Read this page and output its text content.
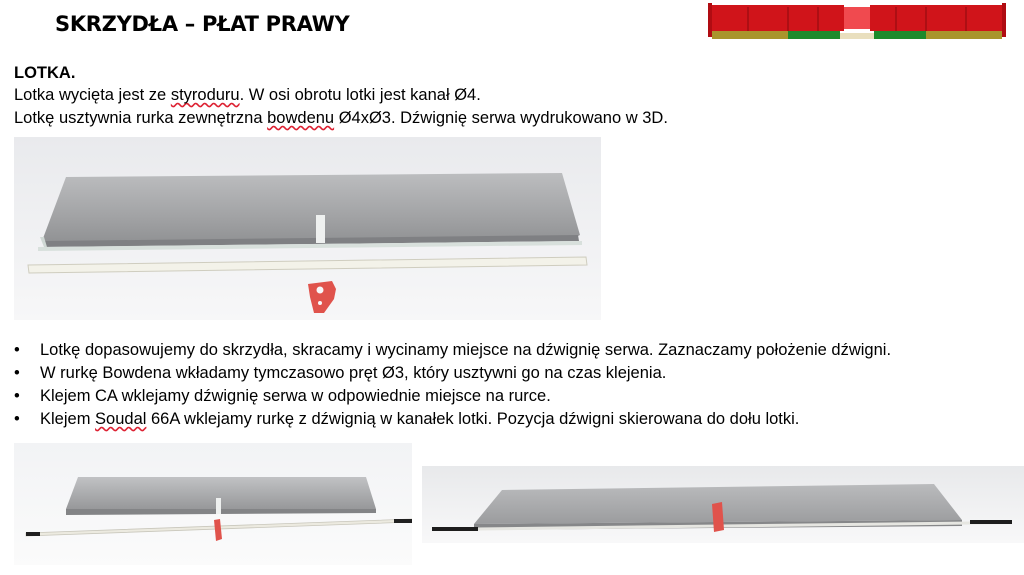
SKRZYDŁA – PŁAT PRAWY
LOTKA.
Lotka wycięta jest ze styroduru. W osi obrotu lotki jest kanał Ø4.
Lotkę usztywnia rurka zewnętrzna bowdenu Ø4xØ3. Dźwignię serwa wydrukowano w 3D.
• Lotkę dopasowujemy do skrzydła, skracamy i wycinamy miejsce na dźwignię serwa. Zaznaczamy położenie dźwigni.
• W rurkę Bowdena wkładamy tymczasowo pręt Ø3, który usztywni go na czas klejenia.
• Klejem CA wklejamy dźwignię serwa w odpowiednie miejsce na rurce.
• Klejem Soudal 66A wklejamy rurkę z dźwignią w kanałek lotki. Pozycja dźwigni skierowana do dołu lotki.
